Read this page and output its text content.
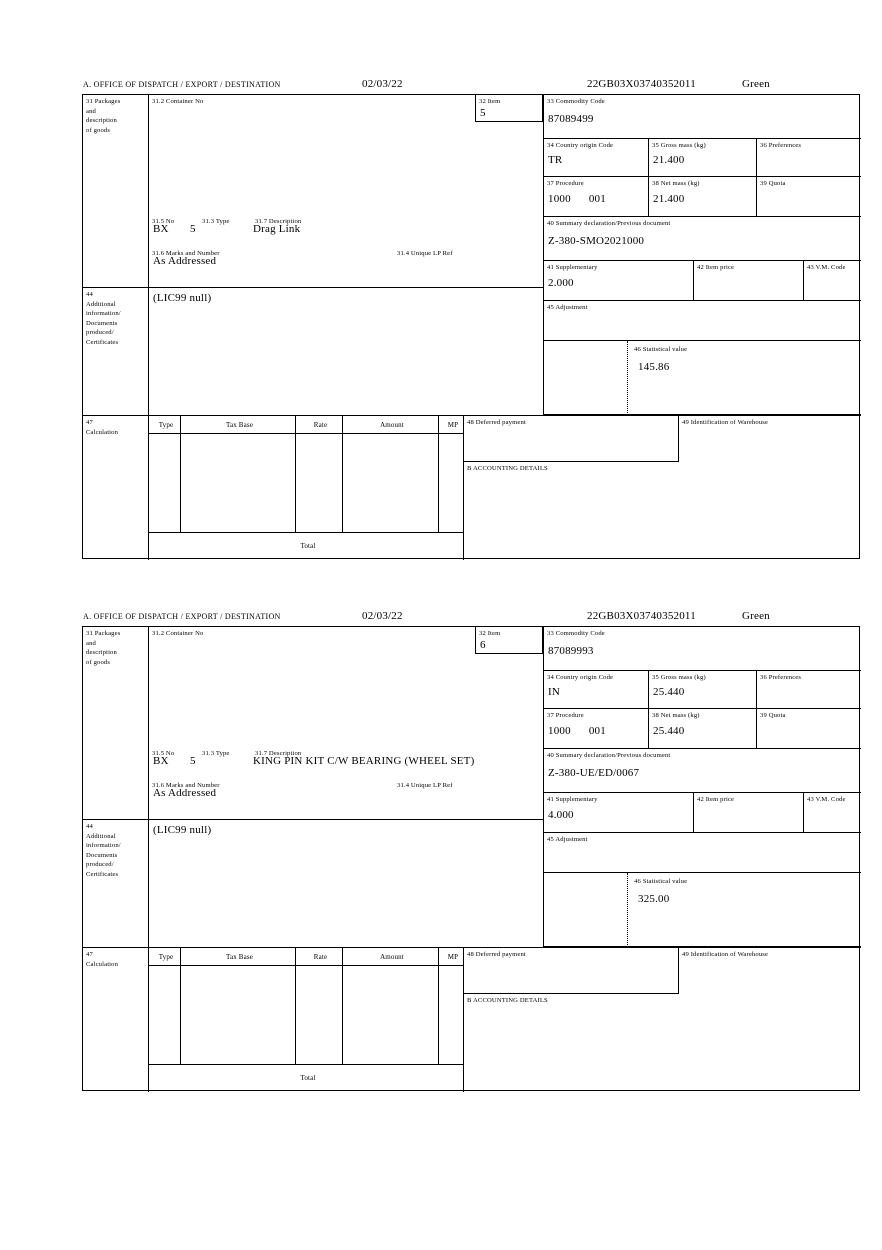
A. OFFICE OF DISPATCH / EXPORT / DESTINATION	02/03/22	22GB03X03740352011	Green
31 Packages
and
description
of goods
31.2 Container No
31.5 No	31.3 Type	31.7 Description
BX	5	Drag Link
31.6 Marks and Number	31.4 Unique LP Ref
As Addressed
32 Item
5
33 Commodity Code
87089499
34 Country origin Code
TR
35 Gross mass (kg)
21.400
36 Preferences
37 Procedure
1000 001
38 Net mass (kg)
21.400
39 Quota
40 Summary declaration/Previous document
Z-380-SMO2021000
41 Supplementary
2.000
42 Item price	43 V.M. Code
44
Additional
information/
Documents
produced/
Certificates
(LIC99 null)
45 Adjustment
46 Statistical value
145.86
47
Calculation
Type	Tax Base	Rate	Amount	MP
Total
48 Deferred payment	49 Identification of Warehouse
B ACCOUNTING DETAILS
A. OFFICE OF DISPATCH / EXPORT / DESTINATION	02/03/22	22GB03X03740352011	Green
31 Packages
and
description
of goods
31.2 Container No
31.5 No	31.3 Type	31.7 Description
BX	5	KING PIN KIT C/W BEARING (WHEEL SET)
31.6 Marks and Number	31.4 Unique LP Ref
As Addressed
32 Item
6
33 Commodity Code
87089993
34 Country origin Code
IN
35 Gross mass (kg)
25.440
36 Preferences
37 Procedure
1000 001
38 Net mass (kg)
25.440
39 Quota
40 Summary declaration/Previous document
Z-380-UE/ED/0067
41 Supplementary
4.000
42 Item price	43 V.M. Code
44
Additional
information/
Documents
produced/
Certificates
(LIC99 null)
45 Adjustment
46 Statistical value
325.00
47
Calculation
Type	Tax Base	Rate	Amount	MP
Total
48 Deferred payment	49 Identification of Warehouse
B ACCOUNTING DETAILS
